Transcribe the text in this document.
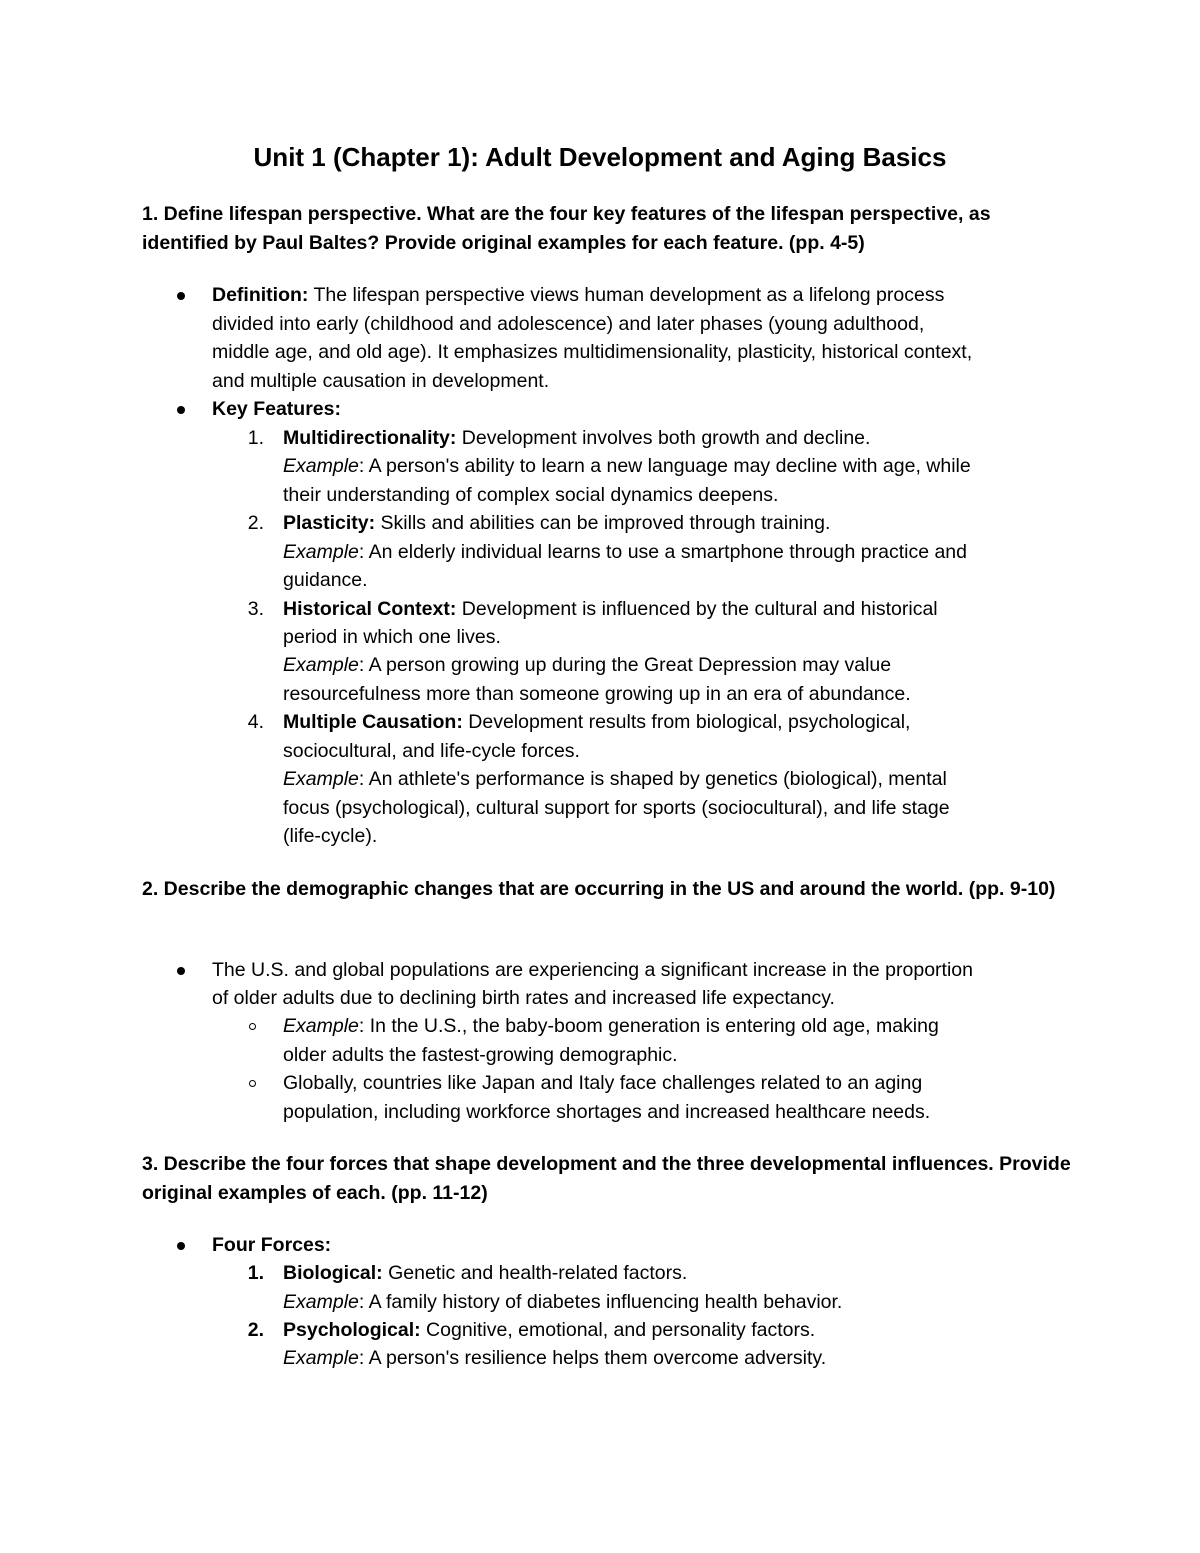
Unit 1 (Chapter 1): Adult Development and Aging Basics

1. Define lifespan perspective. What are the four key features of the lifespan perspective, as identified by Paul Baltes? Provide original examples for each feature. (pp. 4-5)

Definition: The lifespan perspective views human development as a lifelong process

divided into early (childhood and adolescence) and later phases (young adulthood,

middle age, and old age). It emphasizes multidimensionality, plasticity, historical context,

and multiple causation in development.

Key Features:

1. Multidirectionality: Development involves both growth and decline.

Example: A person's ability to learn a new language may decline with age, while

their understanding of complex social dynamics deepens.

2. Plasticity: Skills and abilities can be improved through training.

Example: An elderly individual learns to use a smartphone through practice and

guidance.

3. Historical Context: Development is influenced by the cultural and historical

period in which one lives.

Example: A person growing up during the Great Depression may value

resourcefulness more than someone growing up in an era of abundance.

4. Multiple Causation: Development results from biological, psychological,

sociocultural, and life-cycle forces.

Example: An athlete's performance is shaped by genetics (biological), mental

focus (psychological), cultural support for sports (sociocultural), and life stage

(life-cycle).

2. Describe the demographic changes that are occurring in the US and around the world. (pp. 9-10)

The U.S. and global populations are experiencing a significant increase in the proportion

of older adults due to declining birth rates and increased life expectancy.

Example: In the U.S., the baby-boom generation is entering old age, making

older adults the fastest-growing demographic.

Globally, countries like Japan and Italy face challenges related to an aging

population, including workforce shortages and increased healthcare needs.

3. Describe the four forces that shape development and the three developmental influences. Provide original examples of each. (pp. 11-12)

Four Forces:

1. Biological: Genetic and health-related factors.

Example: A family history of diabetes influencing health behavior.

2. Psychological: Cognitive, emotional, and personality factors.

Example: A person's resilience helps them overcome adversity.
